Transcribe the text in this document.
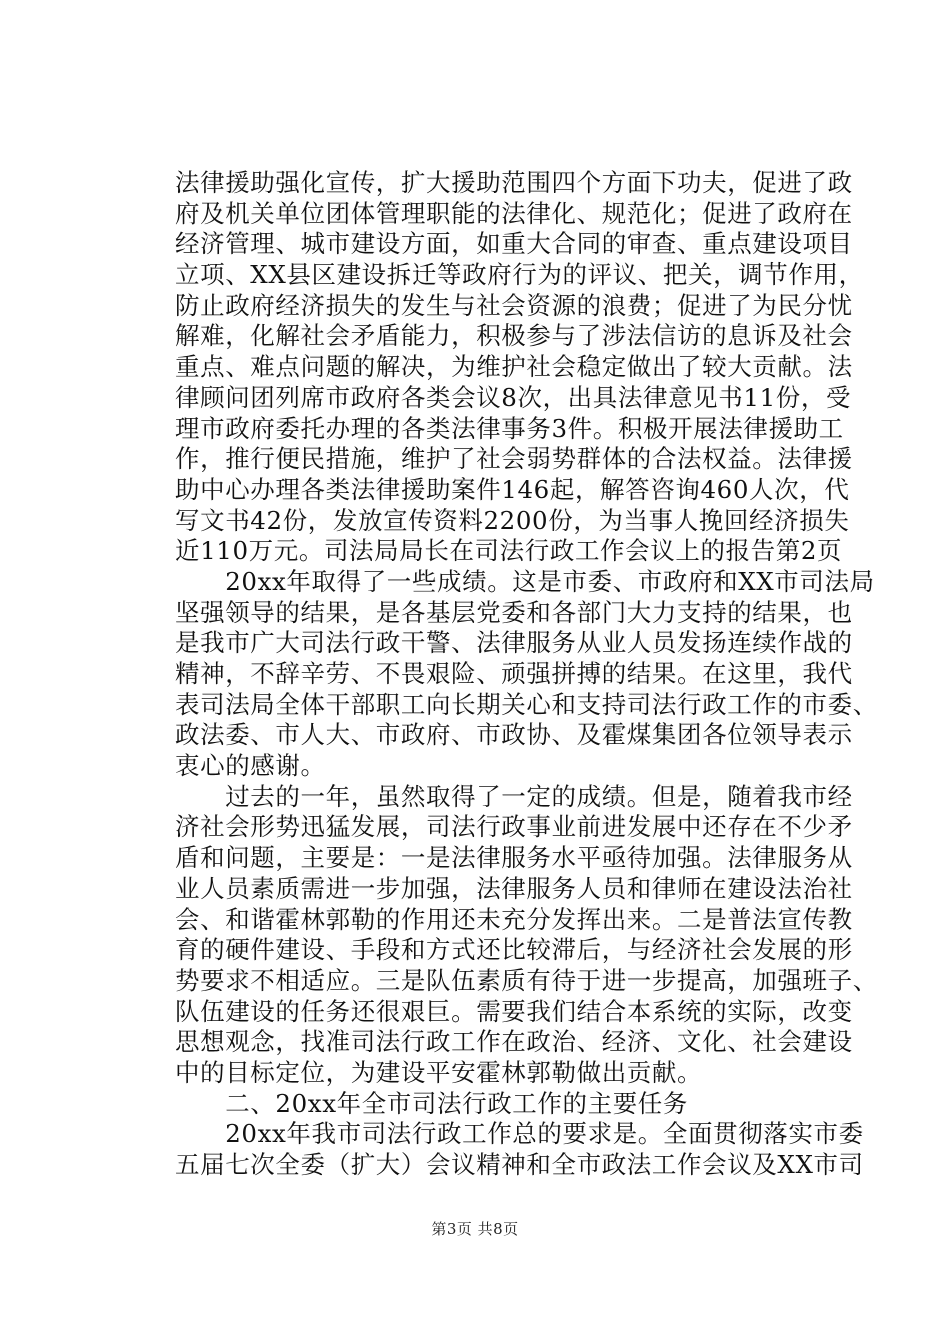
法律援助强化宣传，扩大援助范围四个方面下功夫，促进了政
府及机关单位团体管理职能的法律化、规范化；促进了政府在
经济管理、城市建设方面，如重大合同的审查、重点建设项目
立项、XX县区建设拆迁等政府行为的评议、把关，调节作用，
防止政府经济损失的发生与社会资源的浪费；促进了为民分忧
解难，化解社会矛盾能力，积极参与了涉法信访的息诉及社会
重点、难点问题的解决，为维护社会稳定做出了较大贡献。法
律顾问团列席市政府各类会议8次，出具法律意见书11份，受
理市政府委托办理的各类法律事务3件。积极开展法律援助工
作，推行便民措施，维护了社会弱势群体的合法权益。法律援
助中心办理各类法律援助案件146起，解答咨询460人次，代
写文书42份，发放宣传资料2200份，为当事人挽回经济损失
近110万元。司法局局长在司法行政工作会议上的报告第2页
　　20xx年取得了一些成绩。这是市委、市政府和XX市司法局
坚强领导的结果，是各基层党委和各部门大力支持的结果，也
是我市广大司法行政干警、法律服务从业人员发扬连续作战的
精神，不辞辛劳、不畏艰险、顽强拼搏的结果。在这里，我代
表司法局全体干部职工向长期关心和支持司法行政工作的市委、
政法委、市人大、市政府、市政协、及霍煤集团各位领导表示
衷心的感谢。
　　过去的一年，虽然取得了一定的成绩。但是，随着我市经
济社会形势迅猛发展，司法行政事业前进发展中还存在不少矛
盾和问题，主要是：一是法律服务水平亟待加强。法律服务从
业人员素质需进一步加强，法律服务人员和律师在建设法治社
会、和谐霍林郭勒的作用还未充分发挥出来。二是普法宣传教
育的硬件建设、手段和方式还比较滞后，与经济社会发展的形
势要求不相适应。三是队伍素质有待于进一步提高，加强班子、
队伍建设的任务还很艰巨。需要我们结合本系统的实际，改变
思想观念，找准司法行政工作在政治、经济、文化、社会建设
中的目标定位，为建设平安霍林郭勒做出贡献。
　　二、20xx年全市司法行政工作的主要任务
　　20xx年我市司法行政工作总的要求是。全面贯彻落实市委
五届七次全委（扩大）会议精神和全市政法工作会议及XX市司
第3页 共8页
